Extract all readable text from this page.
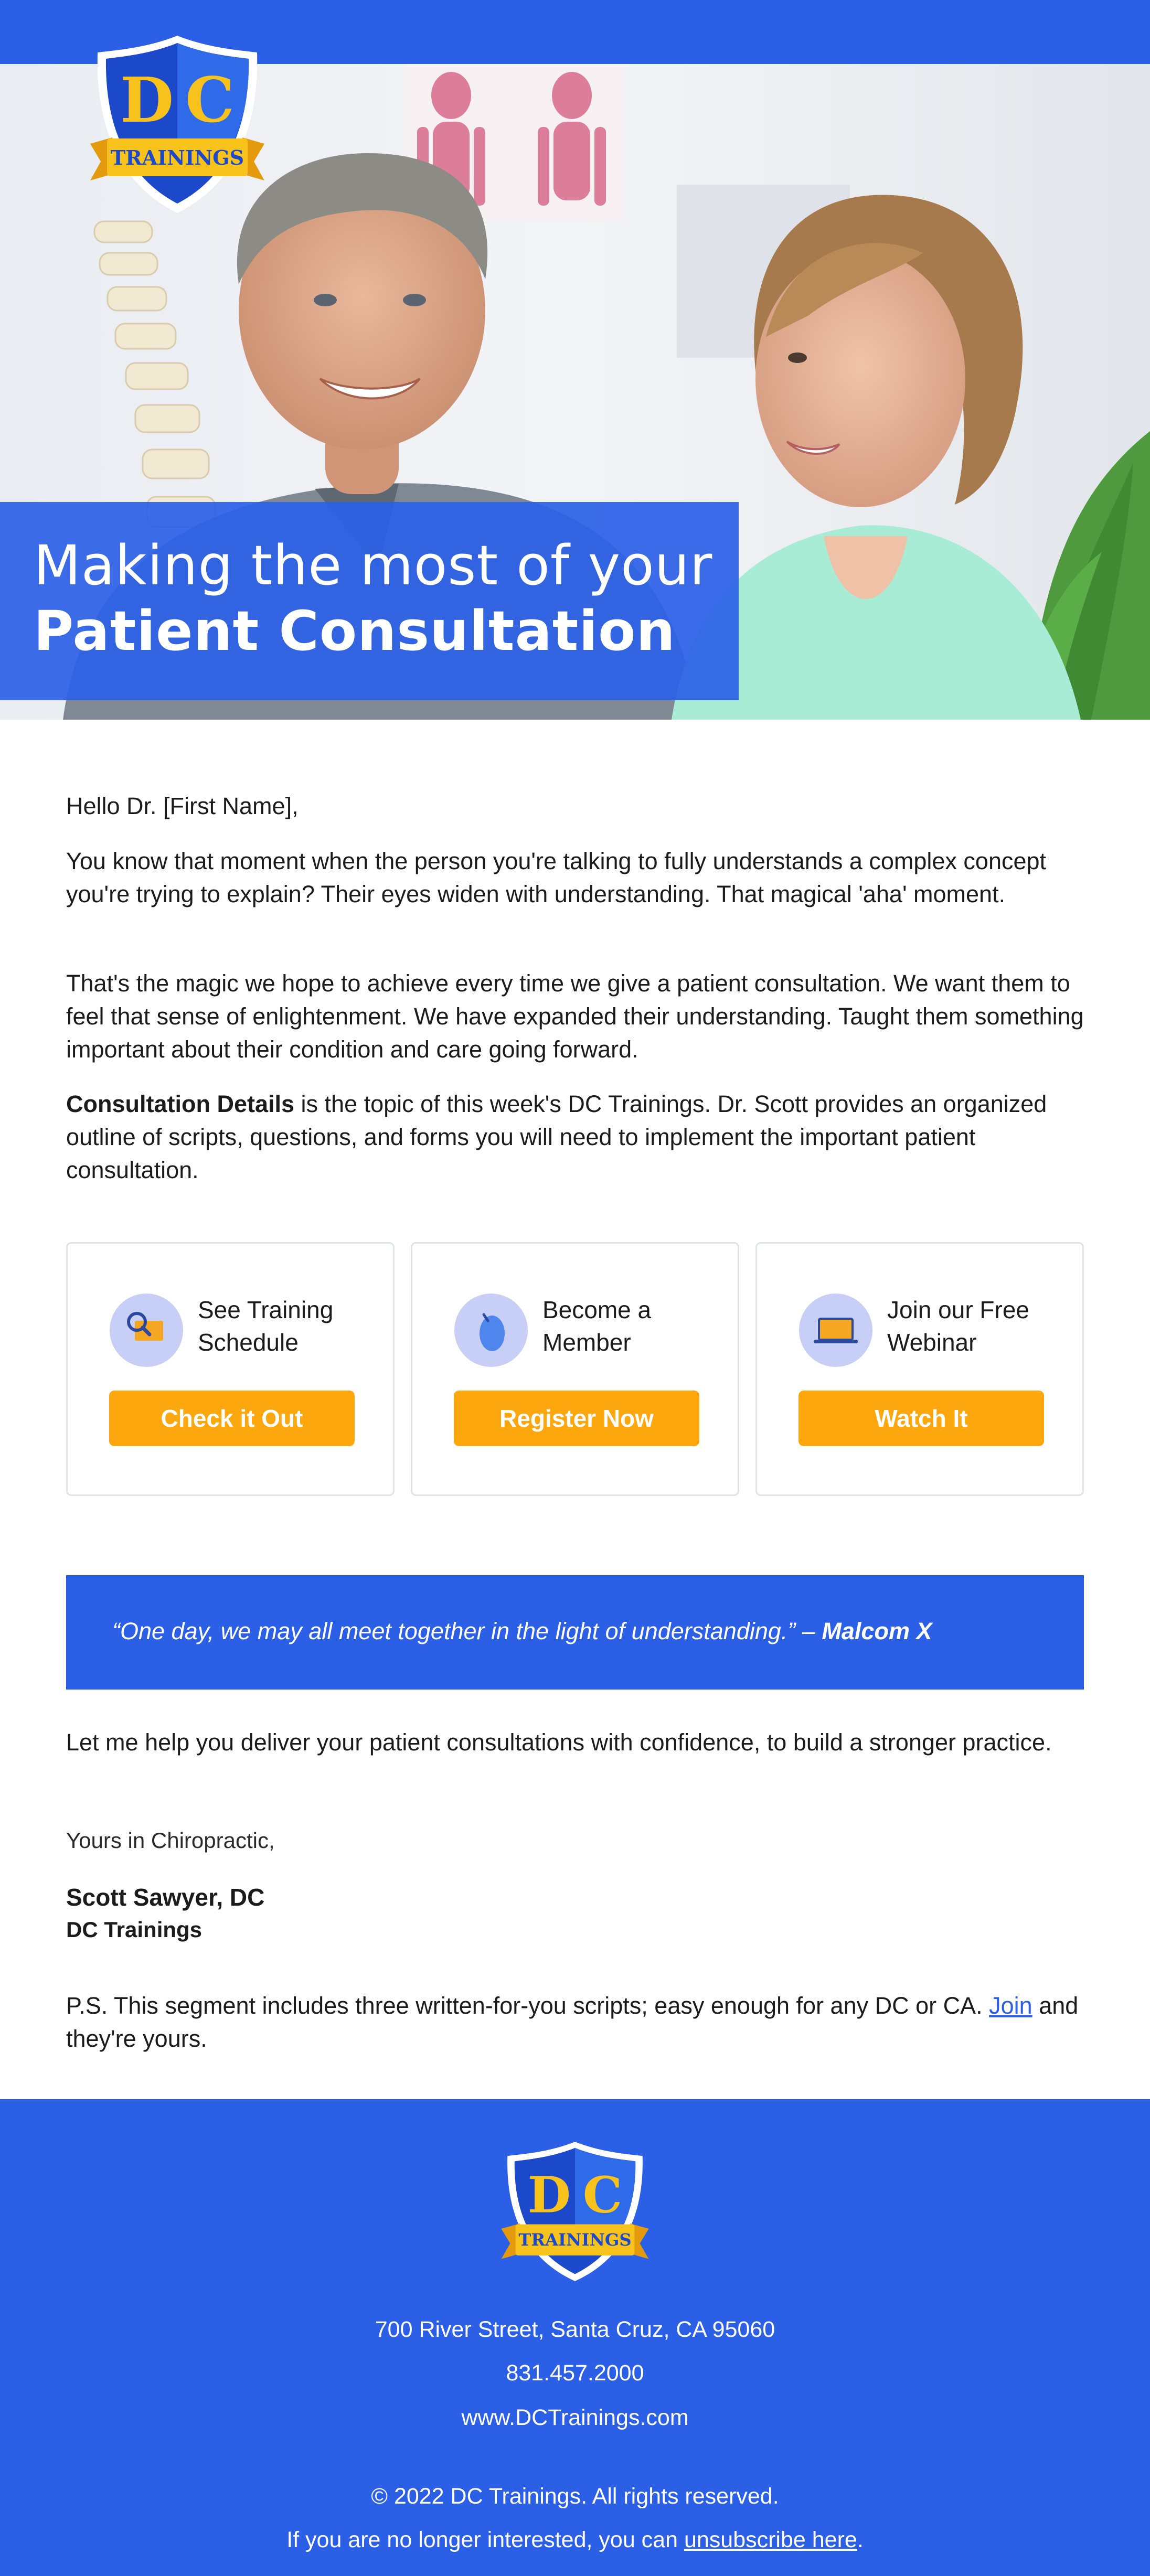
Making the most of your
Patient Consultation
D C
TRAININGS
Hello Dr. [First Name],
You know that moment when the person you're talking to fully understands a complex concept you're trying to explain? Their eyes widen with understanding. That magical 'aha' moment.
That's the magic we hope to achieve every time we give a patient consultation. We want them to feel that sense of enlightenment. We have expanded their understanding. Taught them something important about their condition and care going forward.
Consultation Details is the topic of this week's DC Trainings. Dr. Scott provides an organized outline of scripts, questions, and forms you will need to implement the important patient consultation.
See Training Schedule
Check it Out
Become a Member
Register Now
Join our Free Webinar
Watch It
“One day, we may all meet together in the light of understanding.” – Malcom X
Let me help you deliver your patient consultations with confidence, to build a stronger practice.
Yours in Chiropractic,
Scott Sawyer, DC
DC Trainings
P.S. This segment includes three written-for-you scripts; easy enough for any DC or CA. Join and they're yours.
D C
TRAININGS
700 River Street, Santa Cruz, CA 95060
831.457.2000
www.DCTrainings.com
© 2022 DC Trainings. All rights reserved.
If you are no longer interested, you can unsubscribe here.
